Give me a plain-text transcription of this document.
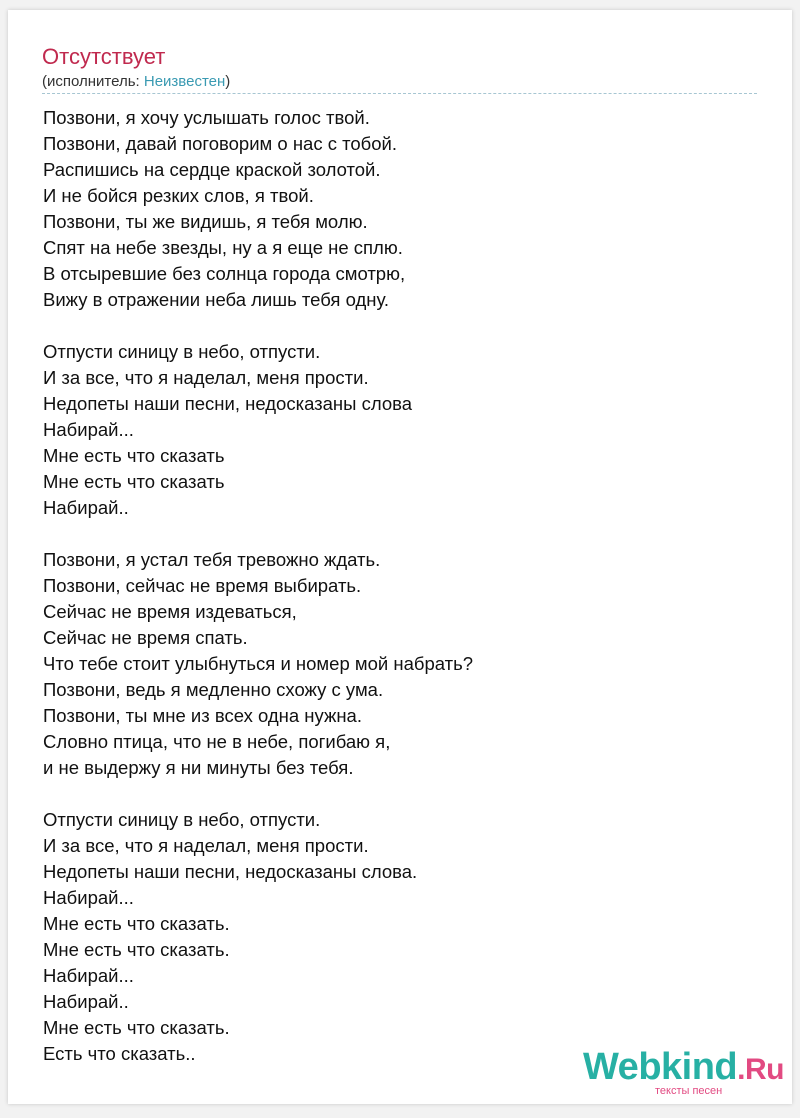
Отсутствует
(исполнитель: Неизвестен)
Позвони, я хочу услышать голос твой.
Позвони, давай поговорим о нас с тобой.
Распишись на сердце краской золотой.
И не бойся резких слов, я твой.
Позвони, ты же видишь, я тебя молю.
Спят на небе звезды, ну а я еще не сплю.
В отсыревшие без солнца города смотрю,
Вижу в отражении неба лишь тебя одну.
Отпусти синицу в небо, отпусти.
И за все, что я наделал, меня прости.
Недопеты наши песни, недосказаны слова
Набирай...
Мне есть что сказать
Мне есть что сказать
Набирай..
Позвони, я устал тебя тревожно ждать.
Позвони, сейчас не время выбирать.
Сейчас не время издеваться,
Сейчас не время спать.
Что тебе стоит улыбнуться и номер мой набрать?
Позвони, ведь я медленно схожу с ума.
Позвони, ты мне из всех одна нужна.
Словно птица, что не в небе, погибаю я,
и не выдержу я ни минуты без тебя.
Отпусти синицу в небо, отпусти.
И за все, что я наделал, меня прости.
Недопеты наши песни, недосказаны слова.
Набирай...
Мне есть что сказать.
Мне есть что сказать.
Набирай...
Набирай..
Мне есть что сказать.
Есть что сказать..	Webkind.Ru
тексты песен
